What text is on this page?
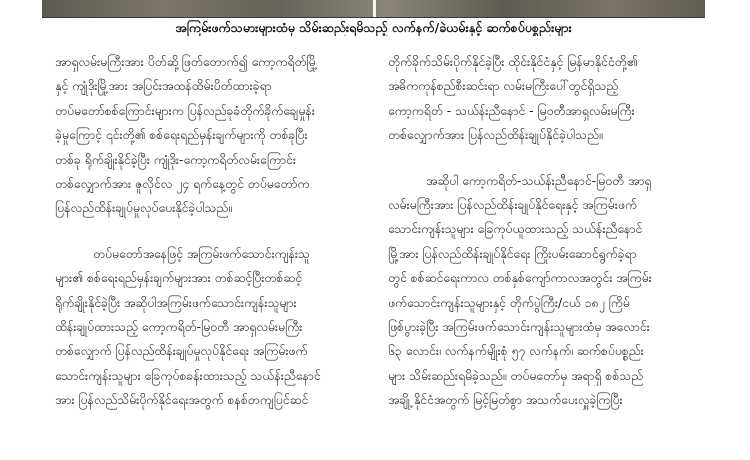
အကြမ်းဖက်သမားများထံမှ သိမ်းဆည်းရမိသည့် လက်နက်/ခဲယမ်းနှင့် ဆက်စပ်ပစ္စည်းများ
အာရှလမ်းမကြီးအား ပိတ်ဆို့ဖြတ်တောက်၍ ကော့ကရိတ်မြို့
နှင့် ကျုံဒိုးမြို့အား အပြင်းအထန်ထိမ်းပိတ်ထားခဲ့ရာ
တပ်မတော်စစ်ကြောင်းများက ပြန်လည်ခုခံတိုက်ခိုက်ချေမှုန်း
ခဲ့မှုကြောင့် ၎င်းတို့၏ စစ်ရေးရည်မှန်းချက်များကို တစ်ခုပြီး
တစ်ခု ရိုက်ချိုးနိုင်ခဲ့ပြီး ကျုံဒိုး-ကော့ကရိတ်လမ်းကြောင်း
တစ်လျှောက်အား ဇူလိုင်လ ၂၄ ရက်နေ့တွင် တပ်မတော်က
ပြန်လည်ထိန်းချုပ်မှုလုပ်ပေးနိုင်ခဲ့ပါသည်။
တပ်မတော်အနေဖြင့် အကြမ်းဖက်သောင်းကျန်းသူ
များ၏ စစ်ရေးရည်မှန်းချက်များအား တစ်ဆင့်ပြီးတစ်ဆင့်
ရိုက်ချိုးနိုင်ခဲ့ပြီး အဆိုပါအကြမ်းဖက်သောင်းကျန်းသူများ
ထိန်းချုပ်ထားသည့် ကော့ကရိတ်-မြဝတီ အာရှလမ်းမကြီး
တစ်လျှောက် ပြန်လည်ထိန်းချုပ်မှုလုပ်နိုင်ရေး အကြမ်းဖက်
သောင်းကျန်းသူများ ခြေကုပ်စခန်းထားသည့် သယ်န်းညီနောင်
အား ပြန်လည်သိမ်းပိုက်နိုင်ရေးအတွက် စနစ်တကျပြင်ဆင်
တိုက်ခိုက်သိမ်းပိုက်နိုင်ခဲ့ပြီး ထိုင်းနိုင်ငံနှင့် မြန်မာနိုင်ငံတို့၏
အဓိကကုန်စည်စီးဆင်းရာ လမ်းမကြီးပေါ်တွင်ရှိသည့်
ကော့ကရိတ် - သယ်န်းညီနောင် - မြဝတီအာရှလမ်းမကြီး
တစ်လျှောက်အား ပြန်လည်ထိန်းချုပ်နိုင်ခဲ့ပါသည်။
အဆိုပါ ကော့ကရိတ်-သယ်န်းညီနောင်-မြဝတီ အာရှ
လမ်းမကြီးအား ပြန်လည်ထိန်းချုပ်နိုင်ရေးနှင့် အကြမ်းဖက်
သောင်းကျန်းသူများ ခြေကုပ်ယူထားသည့် သယ်န်းညီနောင်
မြို့အား ပြန်လည်ထိန်းချုပ်နိုင်ရေး ကြိုးပမ်းဆောင်ရွက်ခဲ့ရာ
တွင် စစ်ဆင်ရေးကာလ တစ်နှစ်ကျော်ကာလအတွင်း အကြမ်း
ဖက်သောင်းကျန်းသူများနှင့် တိုက်ပွဲကြီး/ငယ် ၁၈၂ ကြိမ်
ဖြစ်ပွားခဲ့ပြီး အကြမ်းဖက်သောင်းကျန်းသူများထံမှ အလောင်း
၆၃ လောင်း၊ လက်နက်မျိုးစုံ ၅၇ လက်နက်၊ ဆက်စပ်ပစ္စည်း
များ သိမ်းဆည်းရမိခဲ့သည်။ တပ်မတော်မှ အရာရှိ စစ်သည်
အချို့ နိုင်ငံအတွက် မြင့်မြတ်စွာ အသက်ပေးလှူခဲ့ကြပြီး
